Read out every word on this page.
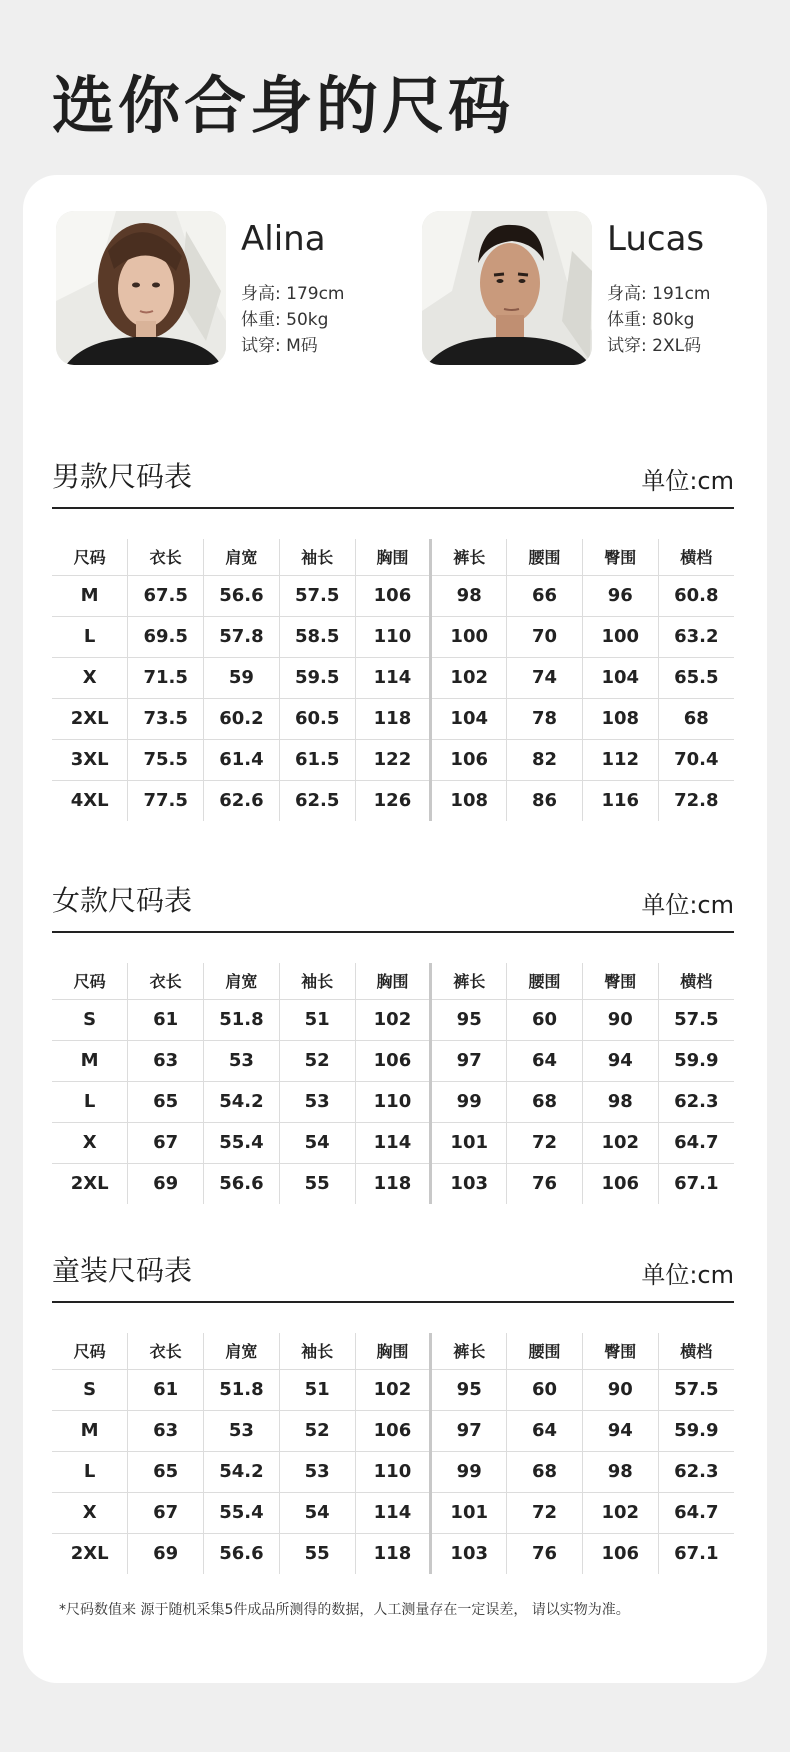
选你合身的尺码
Alina
身高: 179cm
体重: 50kg
试穿: M码
Lucas
身高: 191cm
体重: 80kg
试穿: 2XL码
男款尺码表	单位:cm
尺码	衣长	肩宽	袖长	胸围	裤长	腰围	臀围	横档
M	67.5	56.6	57.5	106	98	66	96	60.8
L	69.5	57.8	58.5	110	100	70	100	63.2
X	71.5	59	59.5	114	102	74	104	65.5
2XL	73.5	60.2	60.5	118	104	78	108	68
3XL	75.5	61.4	61.5	122	106	82	112	70.4
4XL	77.5	62.6	62.5	126	108	86	116	72.8
女款尺码表	单位:cm
尺码	衣长	肩宽	袖长	胸围	裤长	腰围	臀围	横档
S	61	51.8	51	102	95	60	90	57.5
M	63	53	52	106	97	64	94	59.9
L	65	54.2	53	110	99	68	98	62.3
X	67	55.4	54	114	101	72	102	64.7
2XL	69	56.6	55	118	103	76	106	67.1
童装尺码表	单位:cm
尺码	衣长	肩宽	袖长	胸围	裤长	腰围	臀围	横档
S	61	51.8	51	102	95	60	90	57.5
M	63	53	52	106	97	64	94	59.9
L	65	54.2	53	110	99	68	98	62.3
X	67	55.4	54	114	101	72	102	64.7
2XL	69	56.6	55	118	103	76	106	67.1
*尺码数值来 源于随机采集5件成品所测得的数据，人工测量存在一定误差， 请以实物为准。
